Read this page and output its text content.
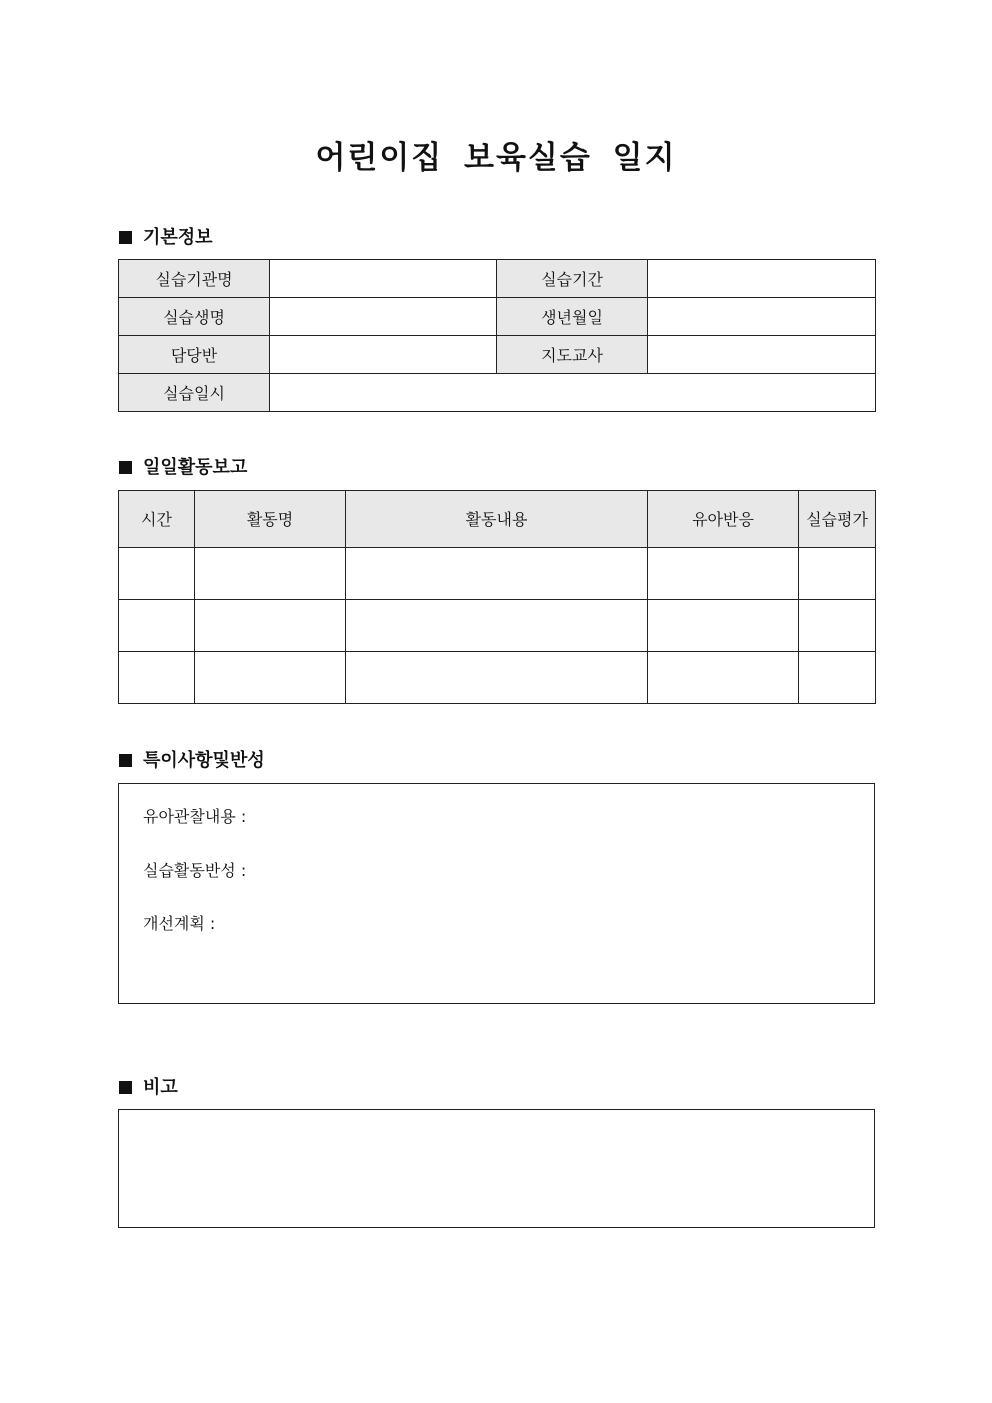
어린이집 보육실습 일지
기본정보
실습기관명		실습기간	
실습생명		생년월일	
담당반		지도교사	
실습일시			
일일활동보고
시간	활동명	활동내용	유아반응	실습평가

특이사항및반성
유아관찰내용 :
실습활동반성 :
개선계획 :
비고
